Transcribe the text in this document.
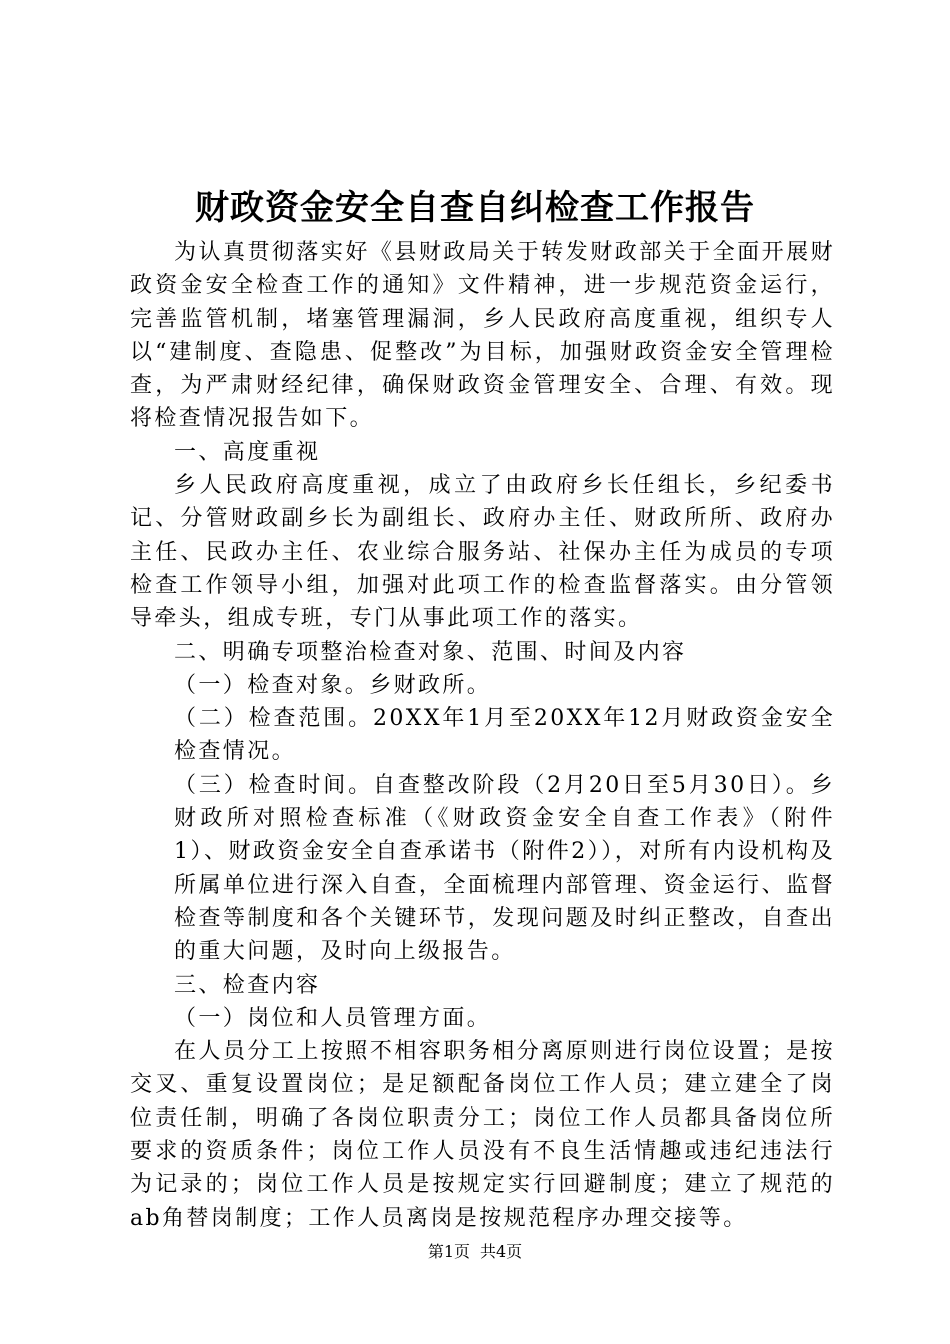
财政资金安全自查自纠检查工作报告

为认真贯彻落实好《县财政局关于转发财政部关于全面开展财政资金安全检查工作的通知》文件精神，进一步规范资金运行，完善监管机制，堵塞管理漏洞，乡人民政府高度重视，组织专人以“建制度、查隐患、促整改”为目标，加强财政资金安全管理检查，为严肃财经纪律，确保财政资金管理安全、合理、有效。现将检查情况报告如下。

一、高度重视

乡人民政府高度重视，成立了由政府乡长任组长，乡纪委书记、分管财政副乡长为副组长、政府办主任、财政所所、政府办主任、民政办主任、农业综合服务站、社保办主任为成员的专项检查工作领导小组，加强对此项工作的检查监督落实。由分管领导牵头，组成专班，专门从事此项工作的落实。

二、明确专项整治检查对象、范围、时间及内容

（一）检查对象。乡财政所。

（二）检查范围。20XX年1月至20XX年12月财政资金安全检查情况。

（三）检查时间。自查整改阶段（2月20日至5月30日）。乡财政所对照检查标准（《财政资金安全自查工作表》（附件1）、财政资金安全自查承诺书（附件2）），对所有内设机构及所属单位进行深入自查，全面梳理内部管理、资金运行、监督检查等制度和各个关键环节，发现问题及时纠正整改，自查出的重大问题，及时向上级报告。

三、检查内容

（一）岗位和人员管理方面。

在人员分工上按照不相容职务相分离原则进行岗位设置；是按交叉、重复设置岗位；是足额配备岗位工作人员；建立建全了岗位责任制，明确了各岗位职责分工；岗位工作人员都具备岗位所要求的资质条件；岗位工作人员没有不良生活情趣或违纪违法行为记录的；岗位工作人员是按规定实行回避制度；建立了规范的ab角替岗制度；工作人员离岗是按规范程序办理交接等。

第1页 共4页
